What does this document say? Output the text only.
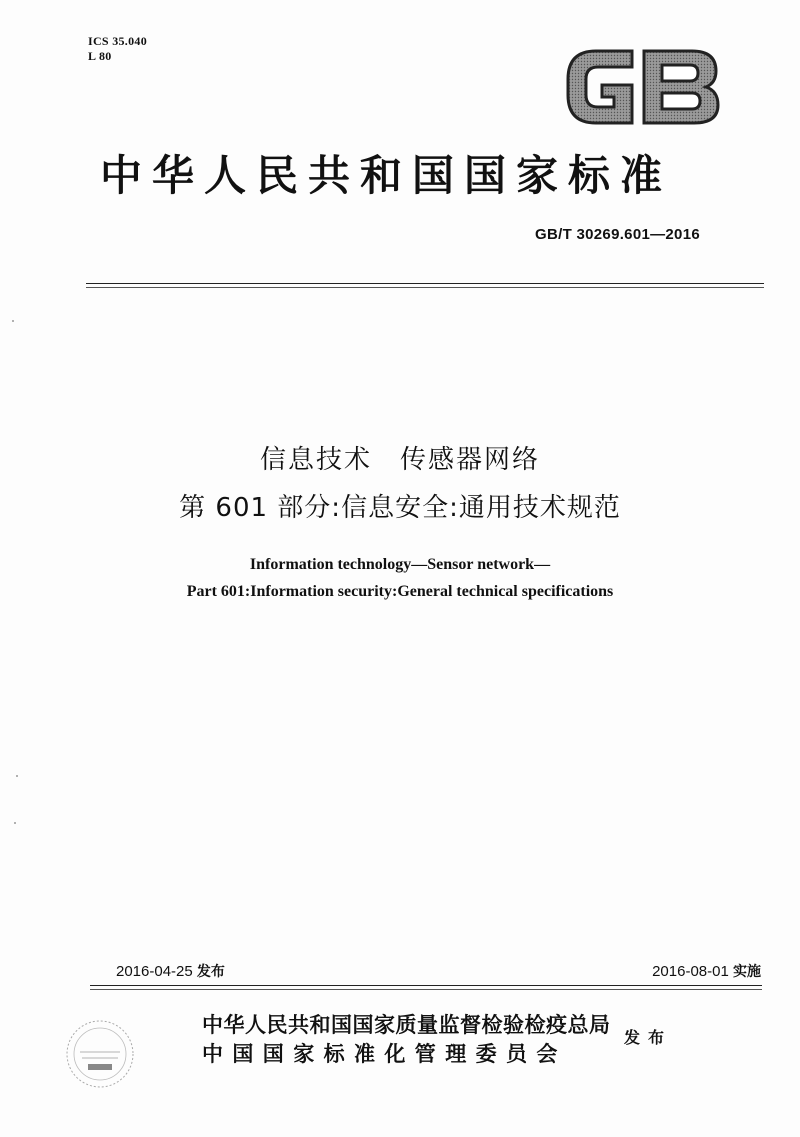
ICS 35.040
L 80
中华人民共和国国家标准
GB/T 30269.601—2016
信息技术　传感器网络
第 601 部分:信息安全:通用技术规范
Information technology—Sensor network—
Part 601:Information security:General technical specifications
2016-04-25 发布	2016-08-01 实施
中华人民共和国国家质量监督检验检疫总局
中国国家标准化管理委员会
发布
